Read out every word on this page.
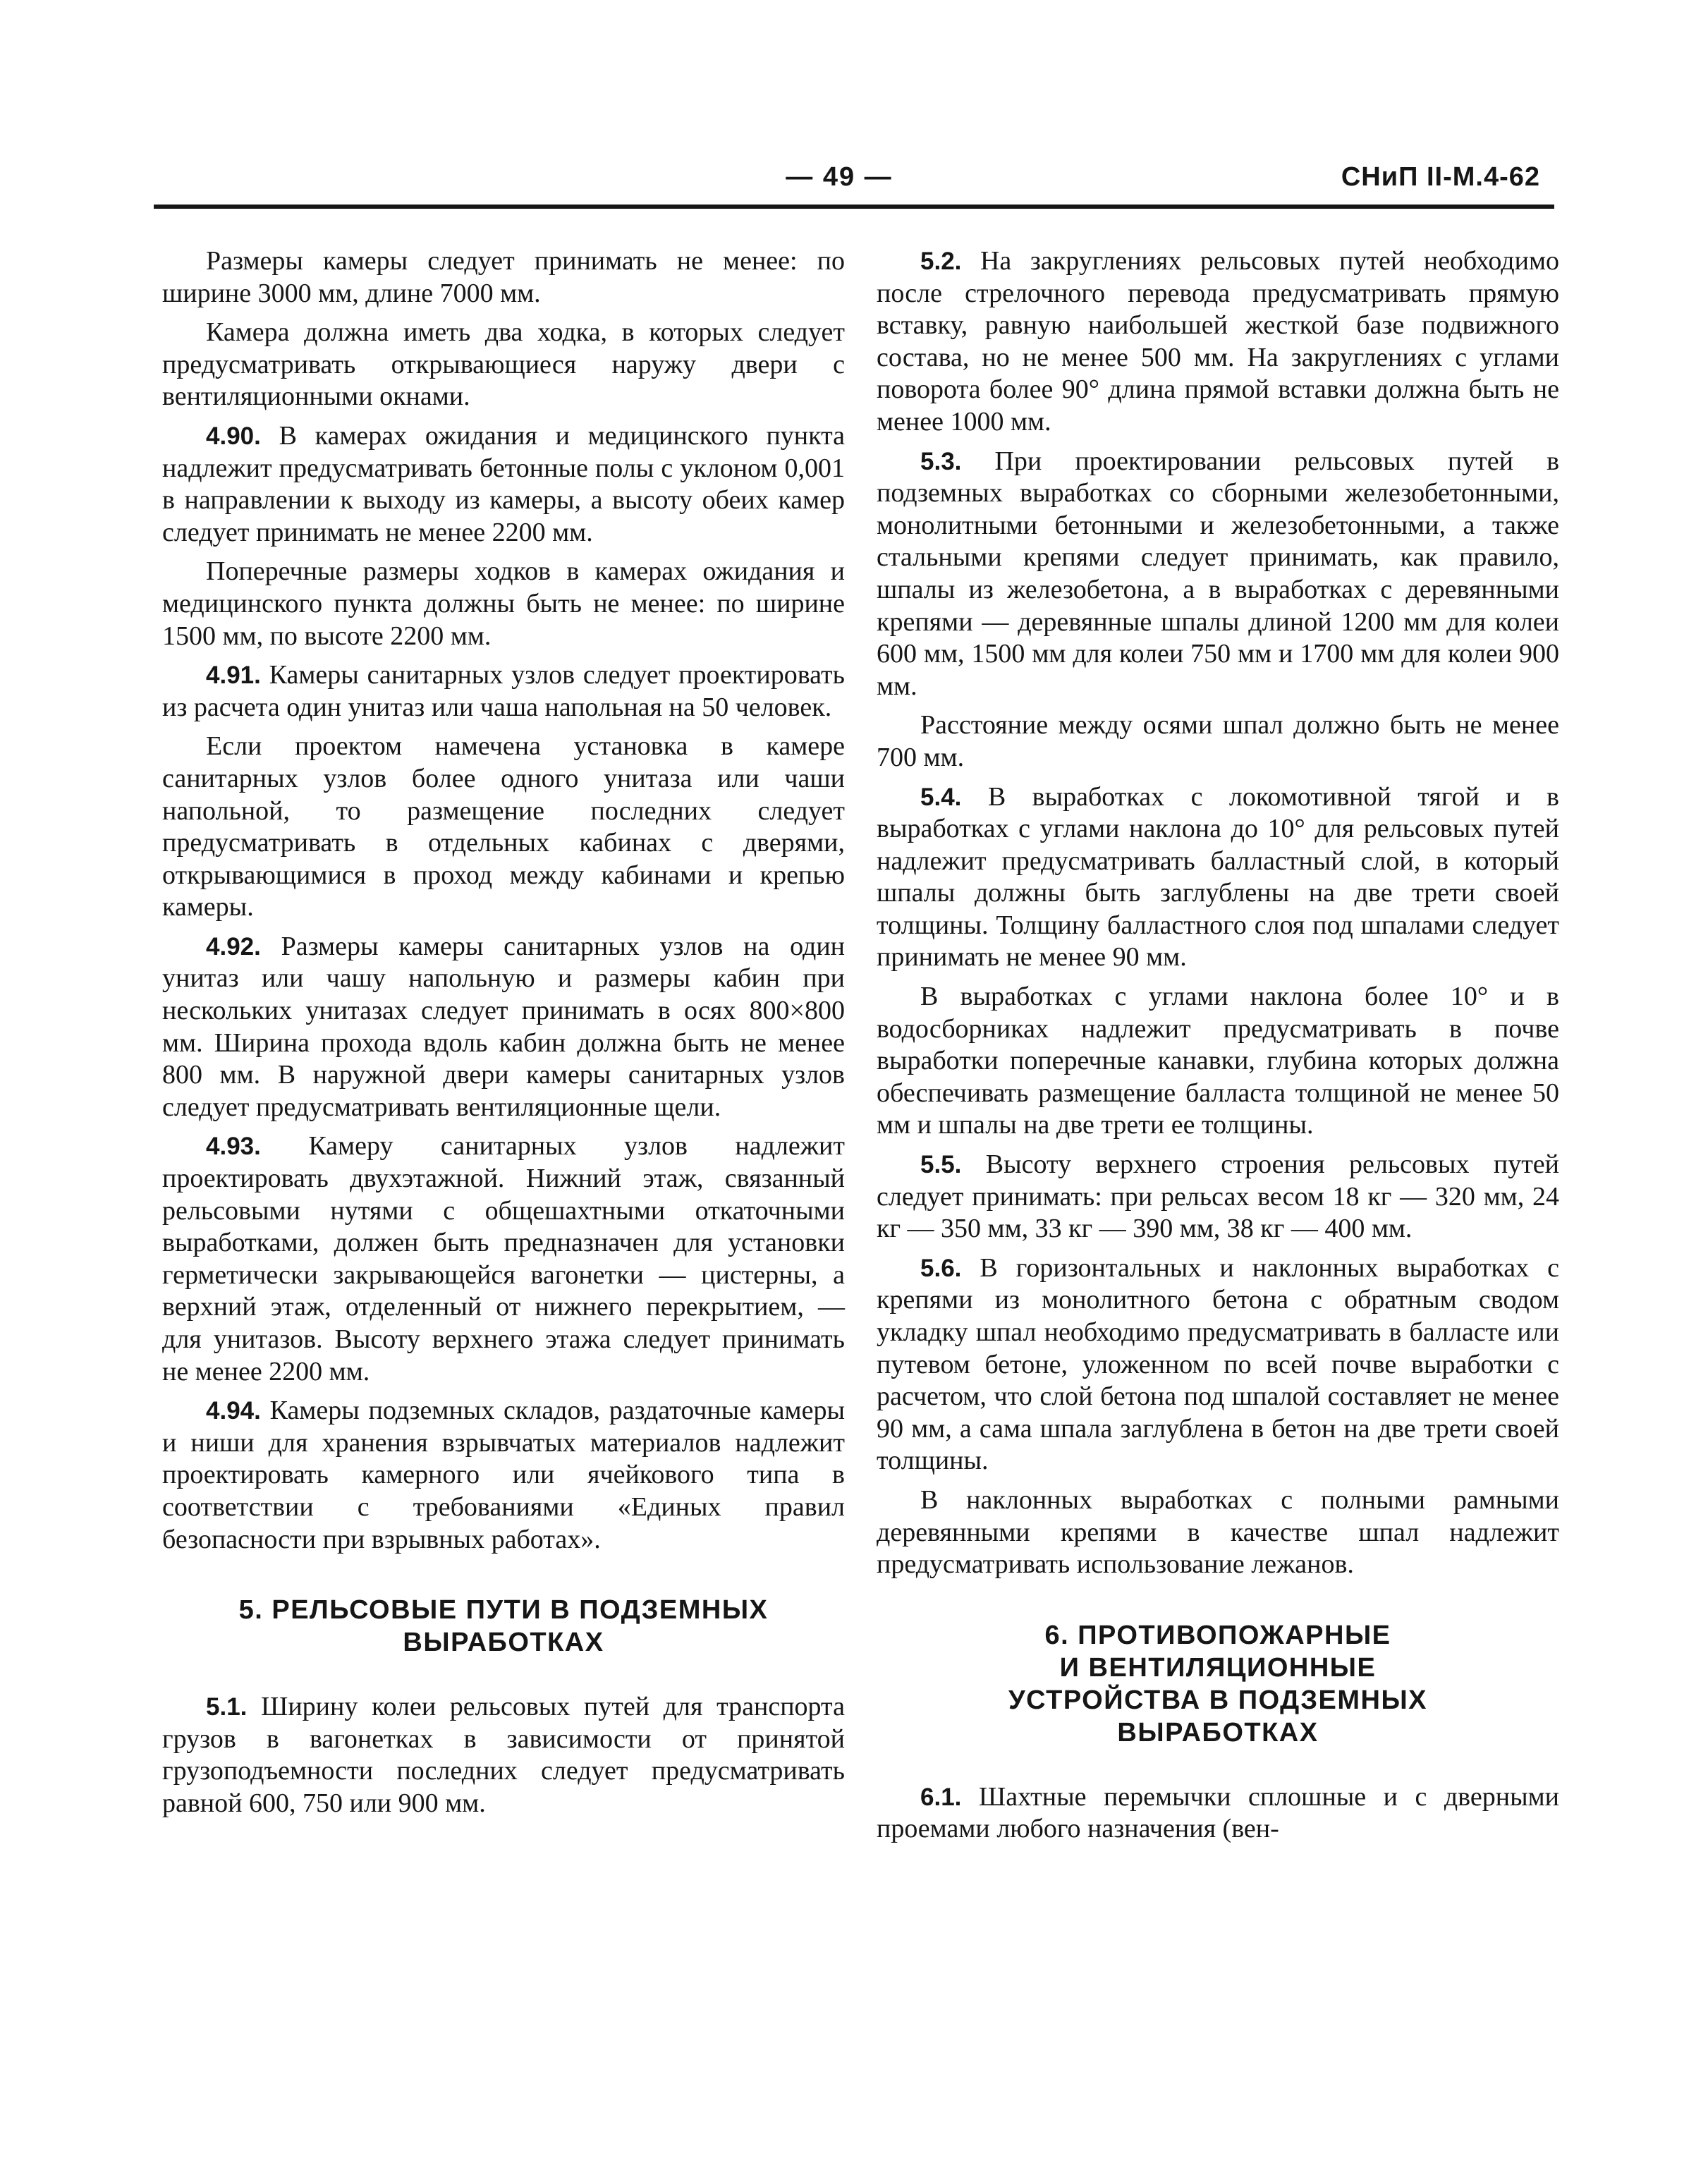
— 49 —	СНиП II-М.4-62

Размеры камеры следует принимать не менее: по ширине 3000 мм, длине 7000 мм.

Камера должна иметь два ходка, в которых следует предусматривать открывающиеся наружу двери с вентиляционными окнами.

4.90. В камерах ожидания и медицинского пункта надлежит предусматривать бетонные полы с уклоном 0,001 в направлении к выходу из камеры, а высоту обеих камер следует принимать не менее 2200 мм.

Поперечные размеры ходков в камерах ожидания и медицинского пункта должны быть не менее: по ширине 1500 мм, по высоте 2200 мм.

4.91. Камеры санитарных узлов следует проектировать из расчета один унитаз или чаша напольная на 50 человек.

Если проектом намечена установка в камере санитарных узлов более одного унитаза или чаши напольной, то размещение последних следует предусматривать в отдельных кабинах с дверями, открывающимися в проход между кабинами и крепью камеры.

4.92. Размеры камеры санитарных узлов на один унитаз или чашу напольную и размеры кабин при нескольких унитазах следует принимать в осях 800×800 мм. Ширина прохода вдоль кабин должна быть не менее 800 мм. В наружной двери камеры санитарных узлов следует предусматривать вентиляционные щели.

4.93. Камеру санитарных узлов надлежит проектировать двухэтажной. Нижний этаж, связанный рельсовыми нутями с общешахтными откаточными выработками, должен быть предназначен для установки герметически закрывающейся вагонетки — цистерны, а верхний этаж, отделенный от нижнего перекрытием, — для унитазов. Высоту верхнего этажа следует принимать не менее 2200 мм.

4.94. Камеры подземных складов, раздаточные камеры и ниши для хранения взрывчатых материалов надлежит проектировать камерного или ячейкового типа в соответствии с требованиями «Единых правил безопасности при взрывных работах».

5. РЕЛЬСОВЫЕ ПУТИ В ПОДЗЕМНЫХ
ВЫРАБОТКАХ

5.1. Ширину колеи рельсовых путей для транспорта грузов в вагонетках в зависимости от принятой грузоподъемности последних следует предусматривать равной 600, 750 или 900 мм.

5.2. На закруглениях рельсовых путей необходимо после стрелочного перевода предусматривать прямую вставку, равную наибольшей жесткой базе подвижного состава, но не менее 500 мм. На закруглениях с углами поворота более 90° длина прямой вставки должна быть не менее 1000 мм.

5.3. При проектировании рельсовых путей в подземных выработках со сборными железобетонными, монолитными бетонными и железобетонными, а также стальными крепями следует принимать, как правило, шпалы из железобетона, а в выработках с деревянными крепями — деревянные шпалы длиной 1200 мм для колеи 600 мм, 1500 мм для колеи 750 мм и 1700 мм для колеи 900 мм.

Расстояние между осями шпал должно быть не менее 700 мм.

5.4. В выработках с локомотивной тягой и в выработках с углами наклона до 10° для рельсовых путей надлежит предусматривать балластный слой, в который шпалы должны быть заглублены на две трети своей толщины. Толщину балластного слоя под шпалами следует принимать не менее 90 мм.

В выработках с углами наклона более 10° и в водосборниках надлежит предусматривать в почве выработки поперечные канавки, глубина которых должна обеспечивать размещение балласта толщиной не менее 50 мм и шпалы на две трети ее толщины.

5.5. Высоту верхнего строения рельсовых путей следует принимать: при рельсах весом 18 кг — 320 мм, 24 кг — 350 мм, 33 кг — 390 мм, 38 кг — 400 мм.

5.6. В горизонтальных и наклонных выработках с крепями из монолитного бетона с обратным сводом укладку шпал необходимо предусматривать в балласте или путевом бетоне, уложенном по всей почве выработки с расчетом, что слой бетона под шпалой составляет не менее 90 мм, а сама шпала заглублена в бетон на две трети своей толщины.

В наклонных выработках с полными рамными деревянными крепями в качестве шпал надлежит предусматривать использование лежанов.

6. ПРОТИВОПОЖАРНЫЕ
И ВЕНТИЛЯЦИОННЫЕ
УСТРОЙСТВА В ПОДЗЕМНЫХ
ВЫРАБОТКАХ

6.1. Шахтные перемычки сплошные и с дверными проемами любого назначения (вен-
